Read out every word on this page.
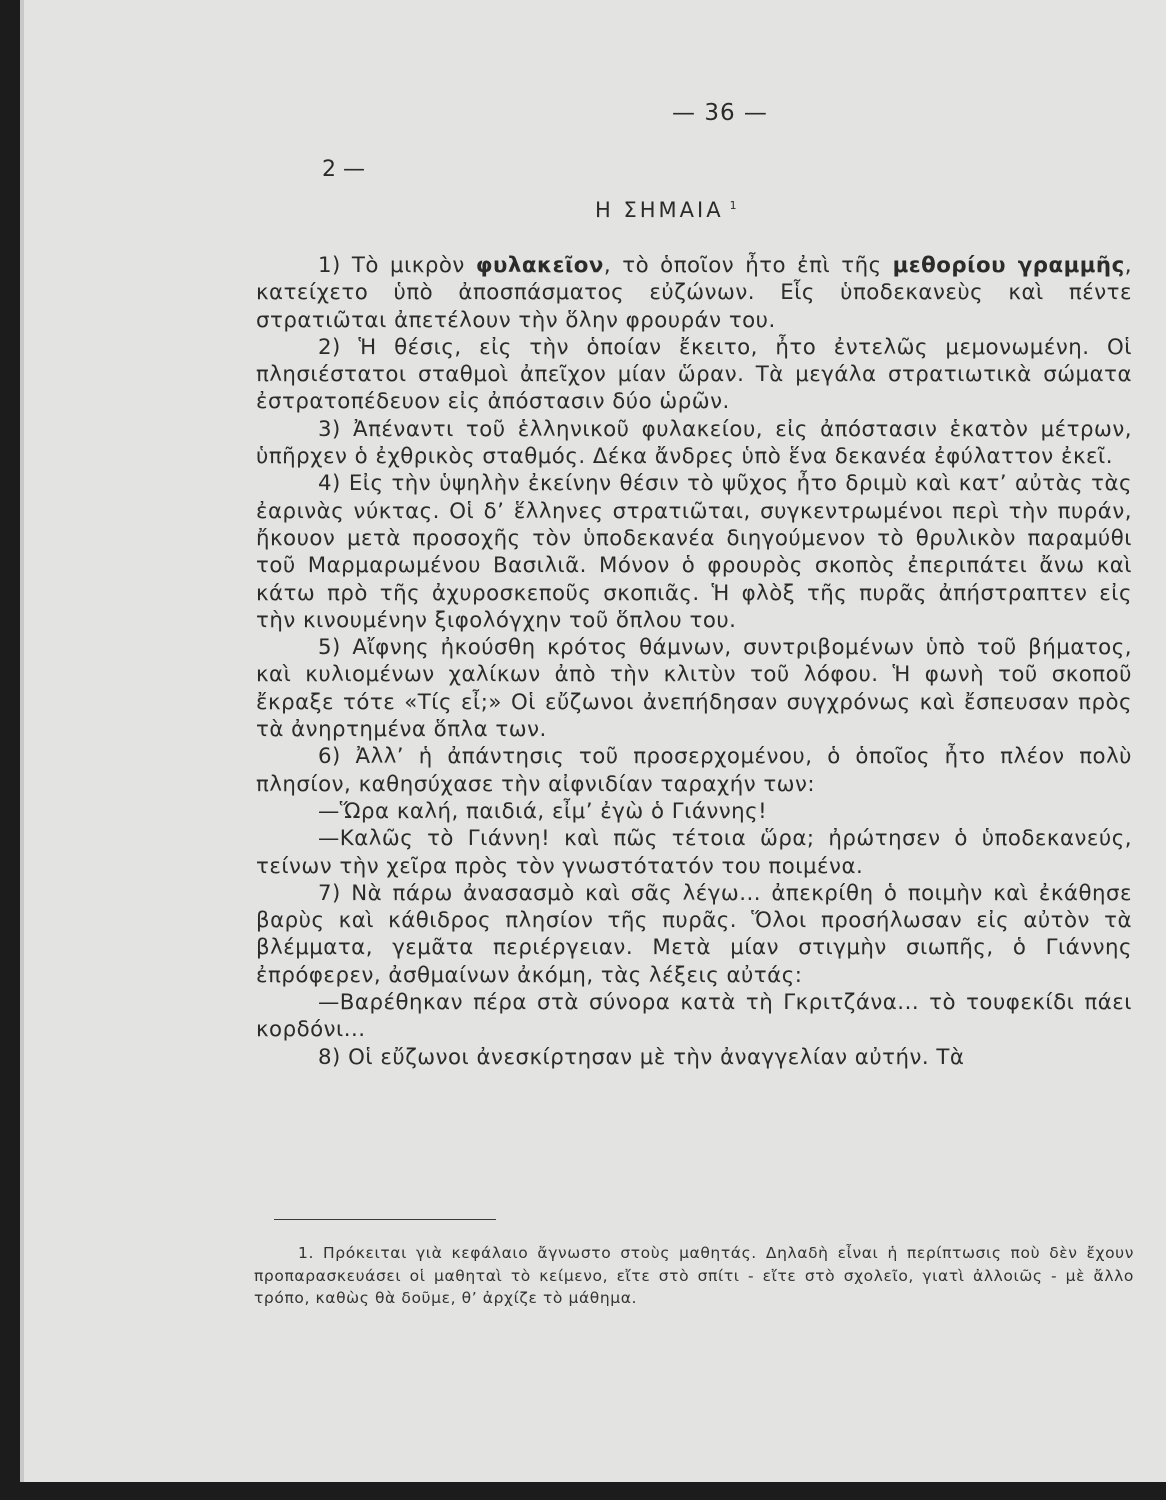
— 36 —
2 —
Η ΣΗΜΑΙΑ $^1$

1) Τὸ μικρὸν φυλακεῖον, τὸ ὁποῖον ἦτο ἐπὶ τῆς μεθορίου γραμμῆς, κατείχετο ὑπὸ ἀποσπάσματος εὐζώνων. Εἷς ὑποδεκανεὺς καὶ πέντε στρατιῶται ἀπετέλουν τὴν ὅλην φρουράν του.

2) Ἡ θέσις, εἰς τὴν ὁποίαν ἔκειτο, ἦτο ἐντελῶς μεμονωμένη. Οἱ πλησιέστατοι σταθμοὶ ἀπεῖχον μίαν ὥραν. Τὰ μεγάλα στρατιωτικὰ σώματα ἐστρατοπέδευον εἰς ἀπόστασιν δύο ὡρῶν.

3) Ἀπέναντι τοῦ ἑλληνικοῦ φυλακείου, εἰς ἀπόστασιν ἑκατὸν μέτρων, ὑπῆρχεν ὁ ἐχθρικὸς σταθμός. Δέκα ἄνδρες ὑπὸ ἕνα δεκανέα ἐφύλαττον ἐκεῖ.

4) Εἰς τὴν ὑψηλὴν ἐκείνην θέσιν τὸ ψῦχος ἦτο δριμὺ καὶ κατ’ αὐτὰς τὰς ἐαρινὰς νύκτας. Οἱ δ’ ἕλληνες στρατιῶται, συγκεντρωμένοι περὶ τὴν πυράν, ἤκουον μετὰ προσοχῆς τὸν ὑποδεκανέα διηγούμενον τὸ θρυλικὸν παραμύθι τοῦ Μαρμαρωμένου Βασιλιᾶ. Μόνον ὁ φρουρὸς σκοπὸς ἐπεριπάτει ἄνω καὶ κάτω πρὸ τῆς ἀχυροσκεποῦς σκοπιᾶς. Ἡ φλὸξ τῆς πυρᾶς ἀπήστραπτεν εἰς τὴν κινουμένην ξιφολόγχην τοῦ ὅπλου του.

5) Αἴφνης ἠκούσθη κρότος θάμνων, συντριβομένων ὑπὸ τοῦ βήματος, καὶ κυλιομένων χαλίκων ἀπὸ τὴν κλιτὺν τοῦ λόφου. Ἡ φωνὴ τοῦ σκοποῦ ἔκραξε τότε «Τίς εἶ;» Οἱ εὔζωνοι ἀνεπήδησαν συγχρόνως καὶ ἔσπευσαν πρὸς τὰ ἀνηρτημένα ὅπλα των.

6) Ἀλλ’ ἡ ἀπάντησις τοῦ προσερχομένου, ὁ ὁποῖος ἦτο πλέον πολὺ πλησίον, καθησύχασε τὴν αἰφνιδίαν ταραχήν των:

—Ὥρα καλή, παιδιά, εἶμ’ ἐγὼ ὁ Γιάννης!

—Καλῶς τὸ Γιάννη! καὶ πῶς τέτοια ὥρα; ἠρώτησεν ὁ ὑποδεκανεύς, τείνων τὴν χεῖρα πρὸς τὸν γνωστότατόν του ποιμένα.

7) Νὰ πάρω ἀνασασμὸ καὶ σᾶς λέγω... ἀπεκρίθη ὁ ποιμὴν καὶ ἐκάθησε βαρὺς καὶ κάθιδρος πλησίον τῆς πυρᾶς. Ὅλοι προσήλωσαν εἰς αὐτὸν τὰ βλέμματα, γεμᾶτα περιέργειαν. Μετὰ μίαν στιγμὴν σιωπῆς, ὁ Γιάννης ἐπρόφερεν, ἀσθμαίνων ἀκόμη, τὰς λέξεις αὐτάς:

—Βαρέθηκαν πέρα στὰ σύνορα κατὰ τὴ Γκριτζάνα... τὸ τουφεκίδι πάει κορδόνι...

8) Οἱ εὔζωνοι ἀνεσκίρτησαν μὲ τὴν ἀναγγελίαν αὐτήν. Τὰ

1. Πρόκειται γιὰ κεφάλαιο ἄγνωστο στοὺς μαθητάς. Δηλαδὴ εἶναι ἡ περίπτωσις ποὺ δὲν ἔχουν προπαρασκευάσει οἱ μαθηταὶ τὸ κείμενο, εἴτε στὸ σπίτι - εἴτε στὸ σχολεῖο, γιατὶ ἀλλοιῶς - μὲ ἄλλο τρόπο, καθὼς θὰ δοῦμε, θ’ ἀρχίζε τὸ μάθημα.
